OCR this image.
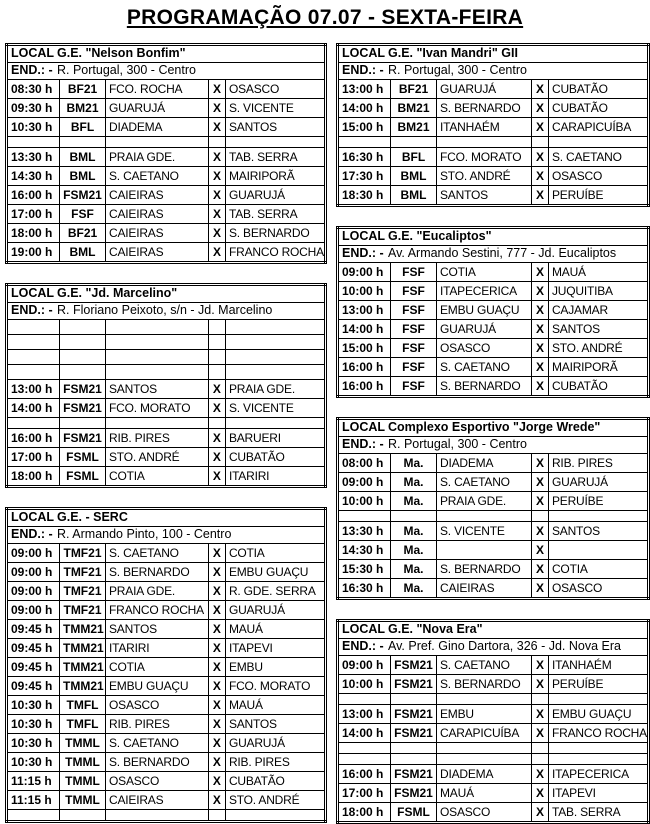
PROGRAMAÇÃO 07.07 - SEXTA-FEIRA
LOCAL G.E. "Nelson Bonfim"				
END.: - R. Portugal, 300 - Centro				
08:30 h	BF21	FCO. ROCHA	X	OSASCO
09:30 h	BM21	GUARUJÁ	X	S. VICENTE
10:30 h	BFL	DIADEMA	X	SANTOS

13:30 h	BML	PRAIA GDE.	X	TAB. SERRA
14:30 h	BML	S. CAETANO	X	MAIRIPORÃ
16:00 h	FSM21	CAIEIRAS	X	GUARUJÁ
17:00 h	FSF	CAIEIRAS	X	TAB. SERRA
18:00 h	BF21	CAIEIRAS	X	S. BERNARDO
19:00 h	BML	CAIEIRAS	X	FRANCO ROCHA
LOCAL G.E. "Jd. Marcelino"				
END.: - R. Floriano Peixoto, s/n - Jd. Marcelino				

13:00 h	FSM21	SANTOS	X	PRAIA GDE.
14:00 h	FSM21	FCO. MORATO	X	S. VICENTE

16:00 h	FSM21	RIB. PIRES	X	BARUERI
17:00 h	FSML	STO. ANDRÉ	X	CUBATÃO
18:00 h	FSML	COTIA	X	ITARIRI
LOCAL G.E. - SERC				
END.: - R. Armando Pinto, 100 - Centro				
09:00 h	TMF21	S. CAETANO	X	COTIA
09:00 h	TMF21	S. BERNARDO	X	EMBU GUAÇU
09:00 h	TMF21	PRAIA GDE.	X	R. GDE. SERRA
09:00 h	TMF21	FRANCO ROCHA	X	GUARUJÁ
09:45 h	TMM21	SANTOS	X	MAUÁ
09:45 h	TMM21	ITARIRI	X	ITAPEVI
09:45 h	TMM21	COTIA	X	EMBU
09:45 h	TMM21	EMBU GUAÇU	X	FCO. MORATO
10:30 h	TMFL	OSASCO	X	MAUÁ
10:30 h	TMFL	RIB. PIRES	X	SANTOS
10:30 h	TMML	S. CAETANO	X	GUARUJÁ
10:30 h	TMML	S. BERNARDO	X	RIB. PIRES
11:15 h	TMML	OSASCO	X	CUBATÃO
11:15 h	TMML	CAIEIRAS	X	STO. ANDRÉ

LOCAL G.E. "Ivan Mandri" GII				
END.: - R. Portugal, 300 - Centro				
13:00 h	BF21	GUARUJÁ	X	CUBATÃO
14:00 h	BM21	S. BERNARDO	X	CUBATÃO
15:00 h	BM21	ITANHAÉM	X	CARAPICUÍBA

16:30 h	BFL	FCO. MORATO	X	S. CAETANO
17:30 h	BML	STO. ANDRÉ	X	OSASCO
18:30 h	BML	SANTOS	X	PERUÍBE
LOCAL G.E. "Eucaliptos"				
END.: - Av. Armando Sestini, 777 - Jd. Eucaliptos				
09:00 h	FSF	COTIA	X	MAUÁ
10:00 h	FSF	ITAPECERICA	X	JUQUITIBA
13:00 h	FSF	EMBU GUAÇU	X	CAJAMAR
14:00 h	FSF	GUARUJÁ	X	SANTOS
15:00 h	FSF	OSASCO	X	STO. ANDRÉ
16:00 h	FSF	S. CAETANO	X	MAIRIPORÃ
16:00 h	FSF	S. BERNARDO	X	CUBATÃO
LOCAL Complexo Esportivo "Jorge Wrede"				
END.: - R. Portugal, 300 - Centro				
08:00 h	Ma.	DIADEMA	X	RIB. PIRES
09:00 h	Ma.	S. CAETANO	X	GUARUJÁ
10:00 h	Ma.	PRAIA GDE.	X	PERUÍBE

13:30 h	Ma.	S. VICENTE	X	SANTOS
14:30 h	Ma.		X	
15:30 h	Ma.	S. BERNARDO	X	COTIA
16:30 h	Ma.	CAIEIRAS	X	OSASCO
LOCAL G.E. "Nova Era"				
END.: - Av. Pref. Gino Dartora, 326 - Jd. Nova Era				
09:00 h	FSM21	S. CAETANO	X	ITANHAÉM
10:00 h	FSM21	S. BERNARDO	X	PERUÍBE

13:00 h	FSM21	EMBU	X	EMBU GUAÇU
14:00 h	FSM21	CARAPICUÍBA	X	FRANCO ROCHA

16:00 h	FSM21	DIADEMA	X	ITAPECERICA
17:00 h	FSM21	MAUÁ	X	ITAPEVI
18:00 h	FSML	OSASCO	X	TAB. SERRA
